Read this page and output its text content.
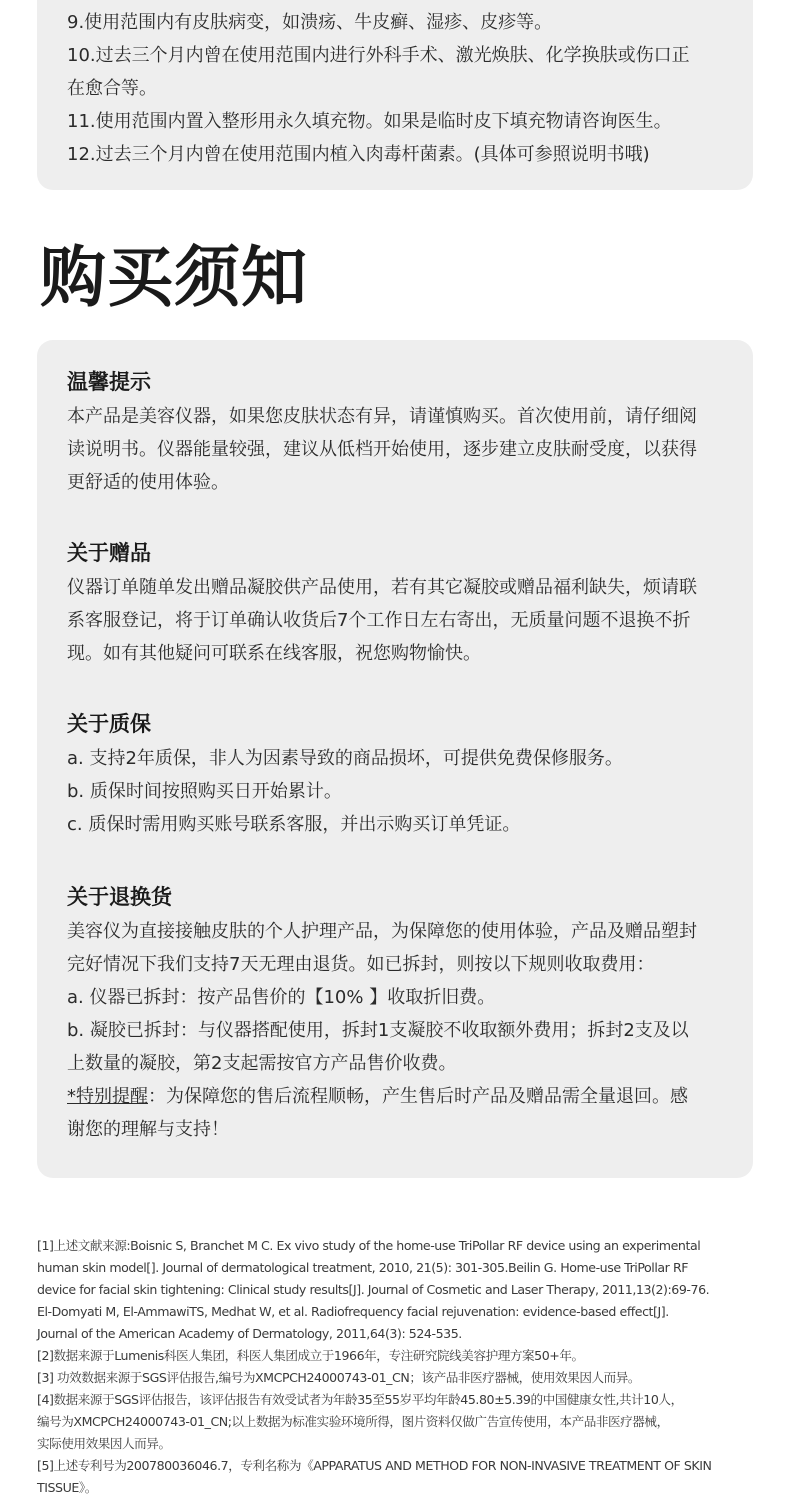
9.使用范围内有皮肤病变，如溃疡、牛皮癣、湿疹、皮疹等。

10.过去三个月内曾在使用范围内进行外科手术、激光焕肤、化学换肤或伤口正

在愈合等。

11.使用范围内置入整形用永久填充物。如果是临时皮下填充物请咨询医生。

12.过去三个月内曾在使用范围内植入肉毒杆菌素。(具体可参照说明书哦)

购买须知
温馨提示

本产品是美容仪器，如果您皮肤状态有异，请谨慎购买。首次使用前，请仔细阅

读说明书。仪器能量较强，建议从低档开始使用，逐步建立皮肤耐受度，以获得

更舒适的使用体验。

关于赠品

仪器订单随单发出赠品凝胶供产品使用，若有其它凝胶或赠品福利缺失，烦请联

系客服登记，将于订单确认收货后7个工作日左右寄出，无质量问题不退换不折

现。如有其他疑问可联系在线客服，祝您购物愉快。

关于质保

a. 支持2年质保，非人为因素导致的商品损坏，可提供免费保修服务。

b. 质保时间按照购买日开始累计。

c. 质保时需用购买账号联系客服，并出示购买订单凭证。

关于退换货

美容仪为直接接触皮肤的个人护理产品，为保障您的使用体验，产品及赠品塑封

完好情况下我们支持7天无理由退货。如已拆封，则按以下规则收取费用：

a. 仪器已拆封：按产品售价的【10% 】收取折旧费。

b. 凝胶已拆封：与仪器搭配使用，拆封1支凝胶不收取额外费用；拆封2支及以

上数量的凝胶，第2支起需按官方产品售价收费。

*特别提醒：为保障您的售后流程顺畅，产生售后时产品及赠品需全量退回。感

谢您的理解与支持！

[1]上述文献来源:Boisnic S, Branchet M C. Ex vivo study of the home-use TriPollar RF device using an experimental

human skin model[]. Journal of dermatological treatment, 2010, 21(5): 301-305.Beilin G. Home-use TriPollar RF

device for facial skin tightening: Clinical study results[J]. Journal of Cosmetic and Laser Therapy, 2011,13(2):69-76.

El-Domyati M, El-AmmawiTS, Medhat W, et al. Radiofrequency facial rejuvenation: evidence-based effect[J].

Journal of the American Academy of Dermatology, 2011,64(3): 524-535.

[2]数据来源于Lumenis科医人集团，科医人集团成立于1966年，专注研究院线美容护理方案50+年。

[3] 功效数据来源于SGS评估报告,编号为XMCPCH24000743-01_CN；该产品非医疗器械，使用效果因人而异。

[4]数据来源于SGS评估报告，该评估报告有效受试者为年龄35至55岁平均年龄45.80±5.39的中国健康女性,共计10人，

编号为XMCPCH24000743-01_CN;以上数据为标准实验环境所得，图片资料仅做广告宣传使用，本产品非医疗器械，

实际使用效果因人而异。

[5]上述专利号为200780036046.7，专利名称为《APPARATUS AND METHOD FOR NON-INVASIVE TREATMENT OF SKIN

TISSUE》。
